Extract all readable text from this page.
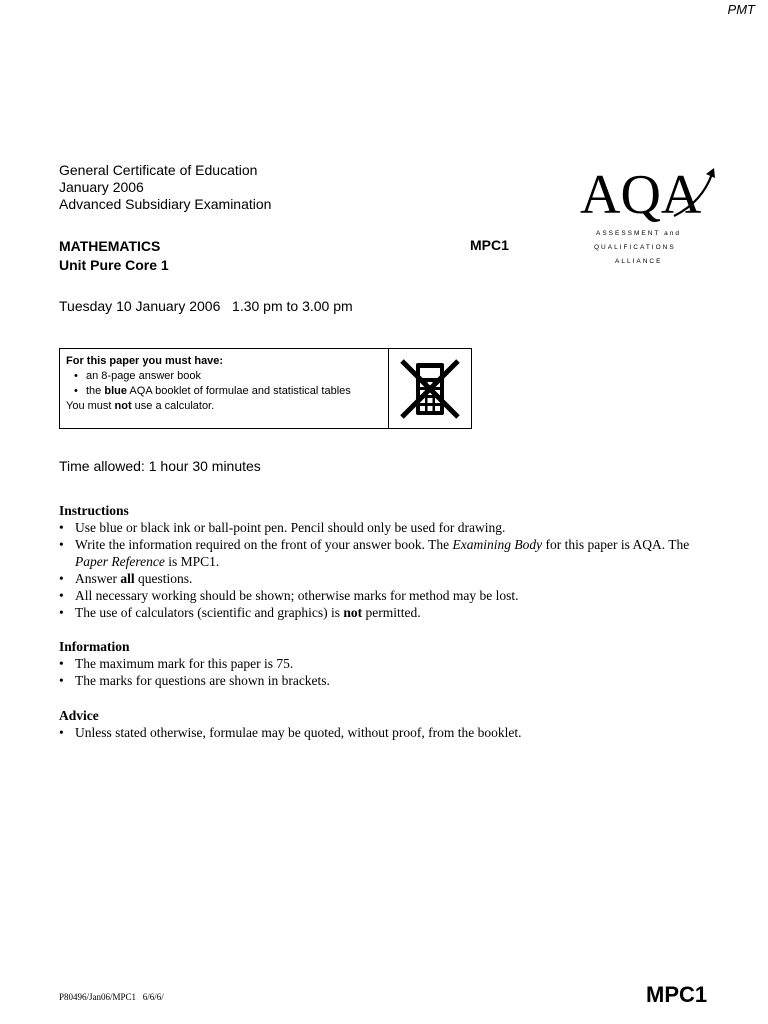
PMT
General Certificate of Education
January 2006
Advanced Subsidiary Examination	AQA
ASSESSMENT and
QUALIFICATIONS
ALLIANCE
MATHEMATICS
Unit Pure Core 1
MPC1
Tuesday 10 January 2006   1.30 pm to 3.00 pm
For this paper you must have:
• an 8-page answer book
• the blue AQA booklet of formulae and statistical tables
You must not use a calculator.
Time allowed: 1 hour 30 minutes
Instructions
• Use blue or black ink or ball-point pen. Pencil should only be used for drawing.
• Write the information required on the front of your answer book. The Examining Body for this paper is AQA. The Paper Reference is MPC1.
• Answer all questions.
• All necessary working should be shown; otherwise marks for method may be lost.
• The use of calculators (scientific and graphics) is not permitted.
Information
• The maximum mark for this paper is 75.
• The marks for questions are shown in brackets.
Advice
• Unless stated otherwise, formulae may be quoted, without proof, from the booklet.
P80496/Jan06/MPC1   6/6/6/	MPC1
